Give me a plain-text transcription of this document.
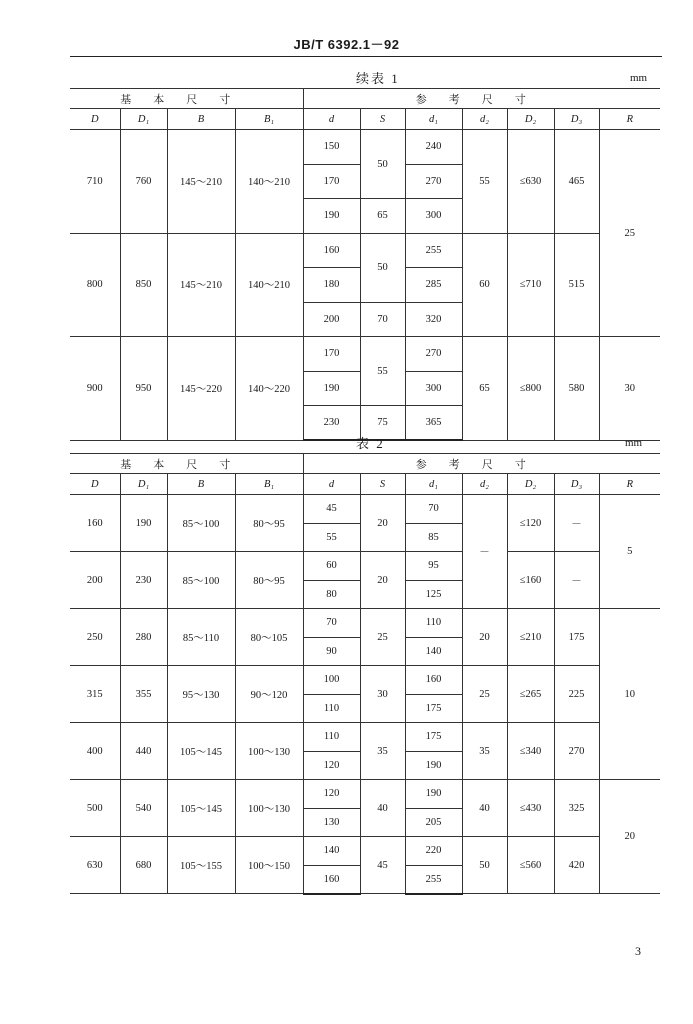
JB/T 6392.1－92
续表 1	mm
基本尺寸				参考尺寸						
D	D₁	B	B₁	d	S	d₁	d₂	D₂	D₃	R
710	760	145～210	140～210	150	50	240	55	≤630	465	25
				170		270				
				190	65	300				
800	850	145～210	140～210	160	50	255	60	≤710	515	
				180		285				
				200	70	320				
900	950	145～220	140～220	170	55	270	65	≤800	580	30
				190		300				
				230	75	365				
表 2	mm
基本尺寸				参考尺寸						
D	D₁	B	B₁	d	S	d₁	d₂	D₂	D₃	R
160	190	85～100	80～95	45	20	70	－	≤120	－	5
				55		85				
200	230	85～100	80～95	60	20	95		≤160	－	
				80		125				
250	280	85～110	80～105	70	25	110	20	≤210	175	10
				90		140				
315	355	95～130	90～120	100	30	160	25	≤265	225	
				110		175				
400	440	105～145	100～130	110	35	175	35	≤340	270	
				120		190				
500	540	105～145	100～130	120	40	190	40	≤430	325	20
				130		205				
630	680	105～155	100～150	140	45	220	50	≤560	420	
				160		255				
3
